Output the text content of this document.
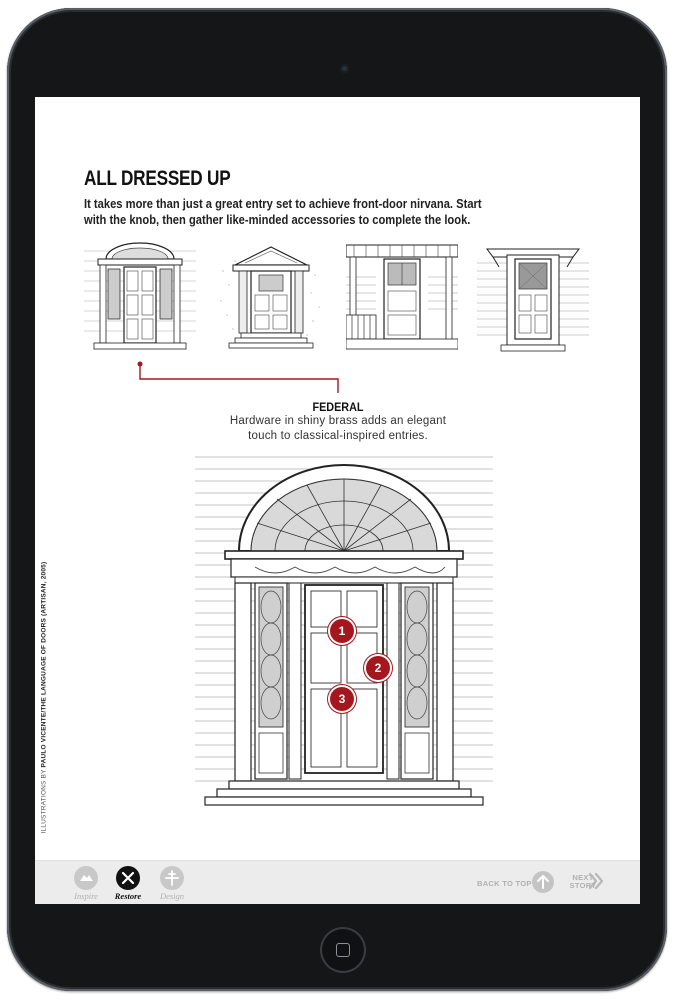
ALL DRESSED UP

It takes more than just a great entry set to achieve front-door nirvana. Start with the knob, then gather like-minded accessories to complete the look.

FEDERAL
Hardware in shiny brass adds an elegant touch to classical-inspired entries.
1
2
3
ILLUSTRATIONS BY PAULO VICENTE/THE LANGUAGE OF DOORS (ARTISAN, 2005)
Inspire	Restore	Design
BACK TO TOP
NEXT STORY
